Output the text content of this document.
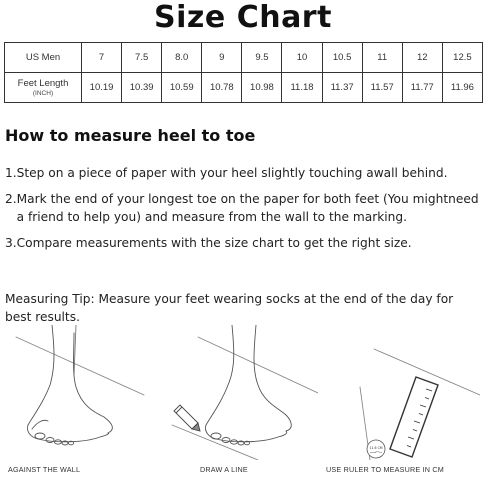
Size Chart
US Men	7	7.5	8.0	9	9.5	10	10.5	11	12	12.5
Feet Length
(INCH)	10.19	10.39	10.59	10.78	10.98	11.18	11.37	11.57	11.77	11.96
How to measure heel to toe
1. Step on a piece of paper with your heel slightly touching awall behind.
2. Mark the end of your longest toe on the paper for both feet (You mightneed a friend to help you) and measure from the wall to the marking.
3. Compare measurements with the size chart to get the right size.
Measuring Tip: Measure your feet wearing socks at the end of the day for best results.
11.6 CM
AGAINST THE WALL	DRAW A LINE	USE RULER TO MEASURE IN CM
